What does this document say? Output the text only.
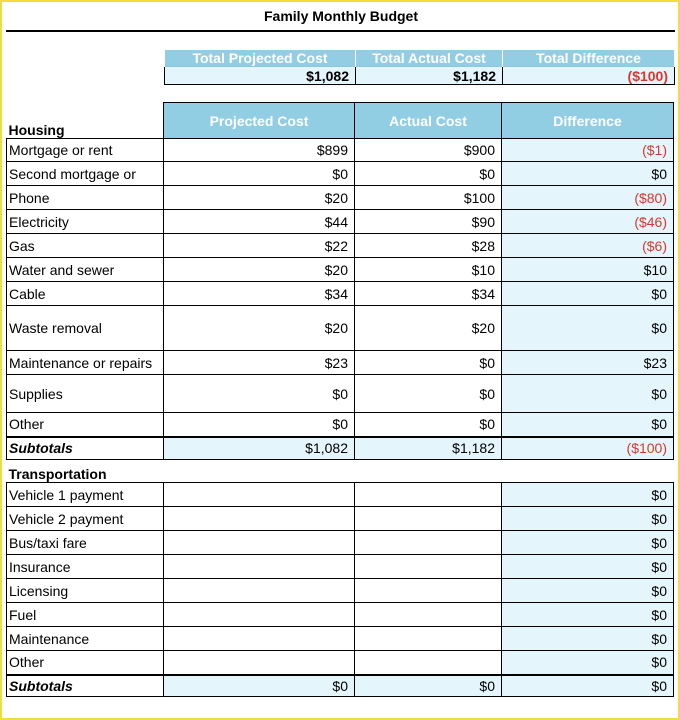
Family Monthly Budget
Total Projected Cost	Total Actual Cost	Total Difference
$1,082	$1,182	($100)
Housing	Projected Cost	Actual Cost	Difference
Mortgage or rent	$899	$900	($1)
Second mortgage or	$0	$0	$0
Phone	$20	$100	($80)
Electricity	$44	$90	($46)
Gas	$22	$28	($6)
Water and sewer	$20	$10	$10
Cable	$34	$34	$0
Waste removal	$20	$20	$0
Maintenance or repairs	$23	$0	$23
Supplies	$0	$0	$0
Other	$0	$0	$0
Subtotals	$1,082	$1,182	($100)
Transportation			
Vehicle 1 payment			$0
Vehicle 2 payment			$0
Bus/taxi fare			$0
Insurance			$0
Licensing			$0
Fuel			$0
Maintenance			$0
Other			$0
Subtotals	$0	$0	$0
